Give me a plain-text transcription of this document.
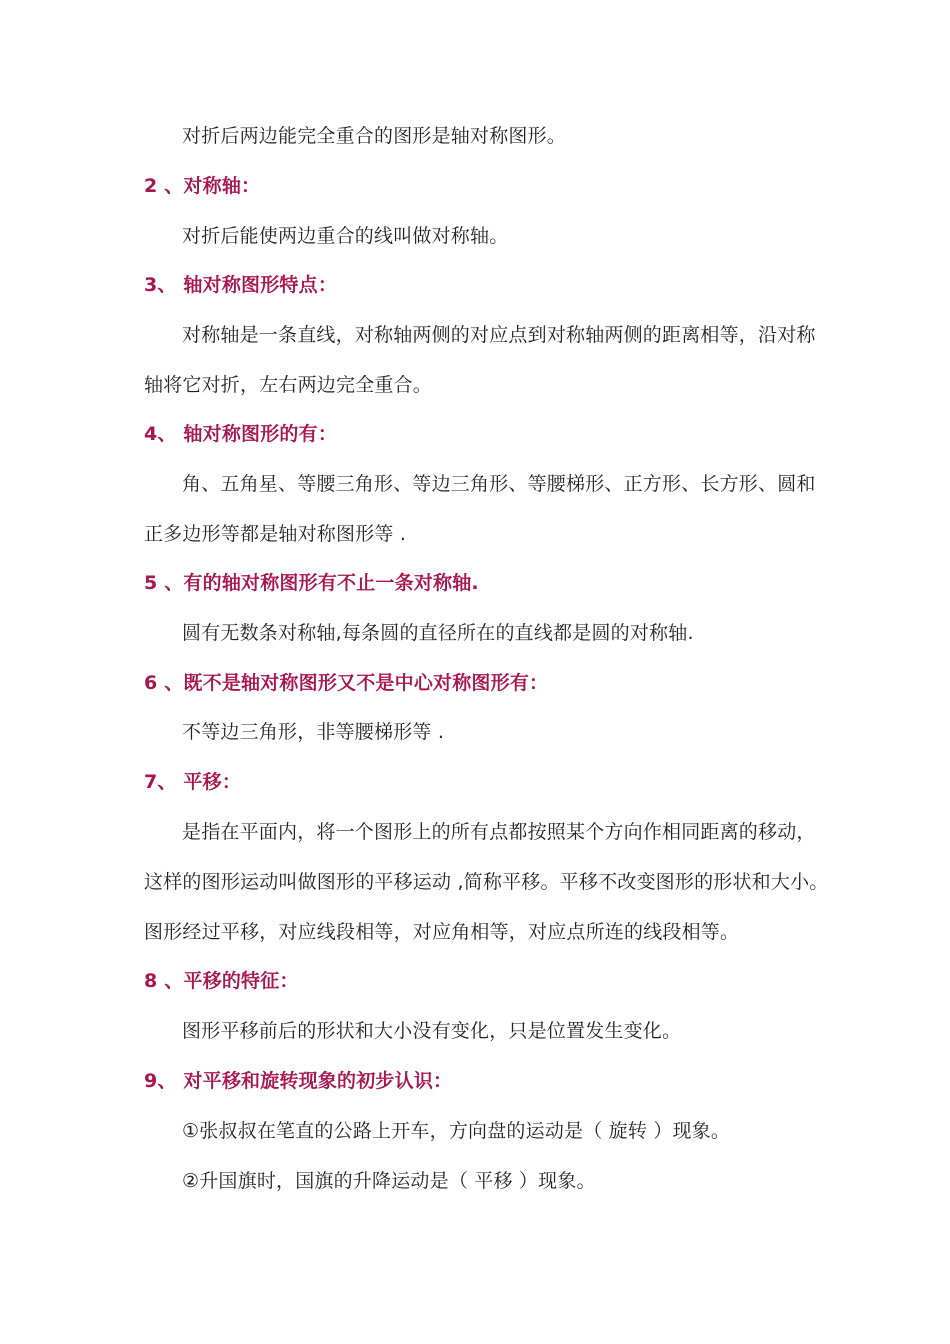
对折后两边能完全重合的图形是轴对称图形。
2 、对称轴：
对折后能使两边重合的线叫做对称轴。
3、 轴对称图形特点：
对称轴是一条直线，对称轴两侧的对应点到对称轴两侧的距离相等，沿对称
轴将它对折，左右两边完全重合。
4、 轴对称图形的有：
角、五角星、等腰三角形、等边三角形、等腰梯形、正方形、长方形、圆和
正多边形等都是轴对称图形等 .
5 、有的轴对称图形有不止一条对称轴.
圆有无数条对称轴,每条圆的直径所在的直线都是圆的对称轴.
6 、既不是轴对称图形又不是中心对称图形有：
不等边三角形，非等腰梯形等 .
7、 平移：
是指在平面内，将一个图形上的所有点都按照某个方向作相同距离的移动，
这样的图形运动叫做图形的平移运动 ,简称平移。平移不改变图形的形状和大小。
图形经过平移，对应线段相等，对应角相等，对应点所连的线段相等。
8 、平移的特征：
图形平移前后的形状和大小没有变化，只是位置发生变化。
9、 对平移和旋转现象的初步认识：
①张叔叔在笔直的公路上开车，方向盘的运动是（ 旋转 ）现象。
②升国旗时，国旗的升降运动是（ 平移 ）现象。
